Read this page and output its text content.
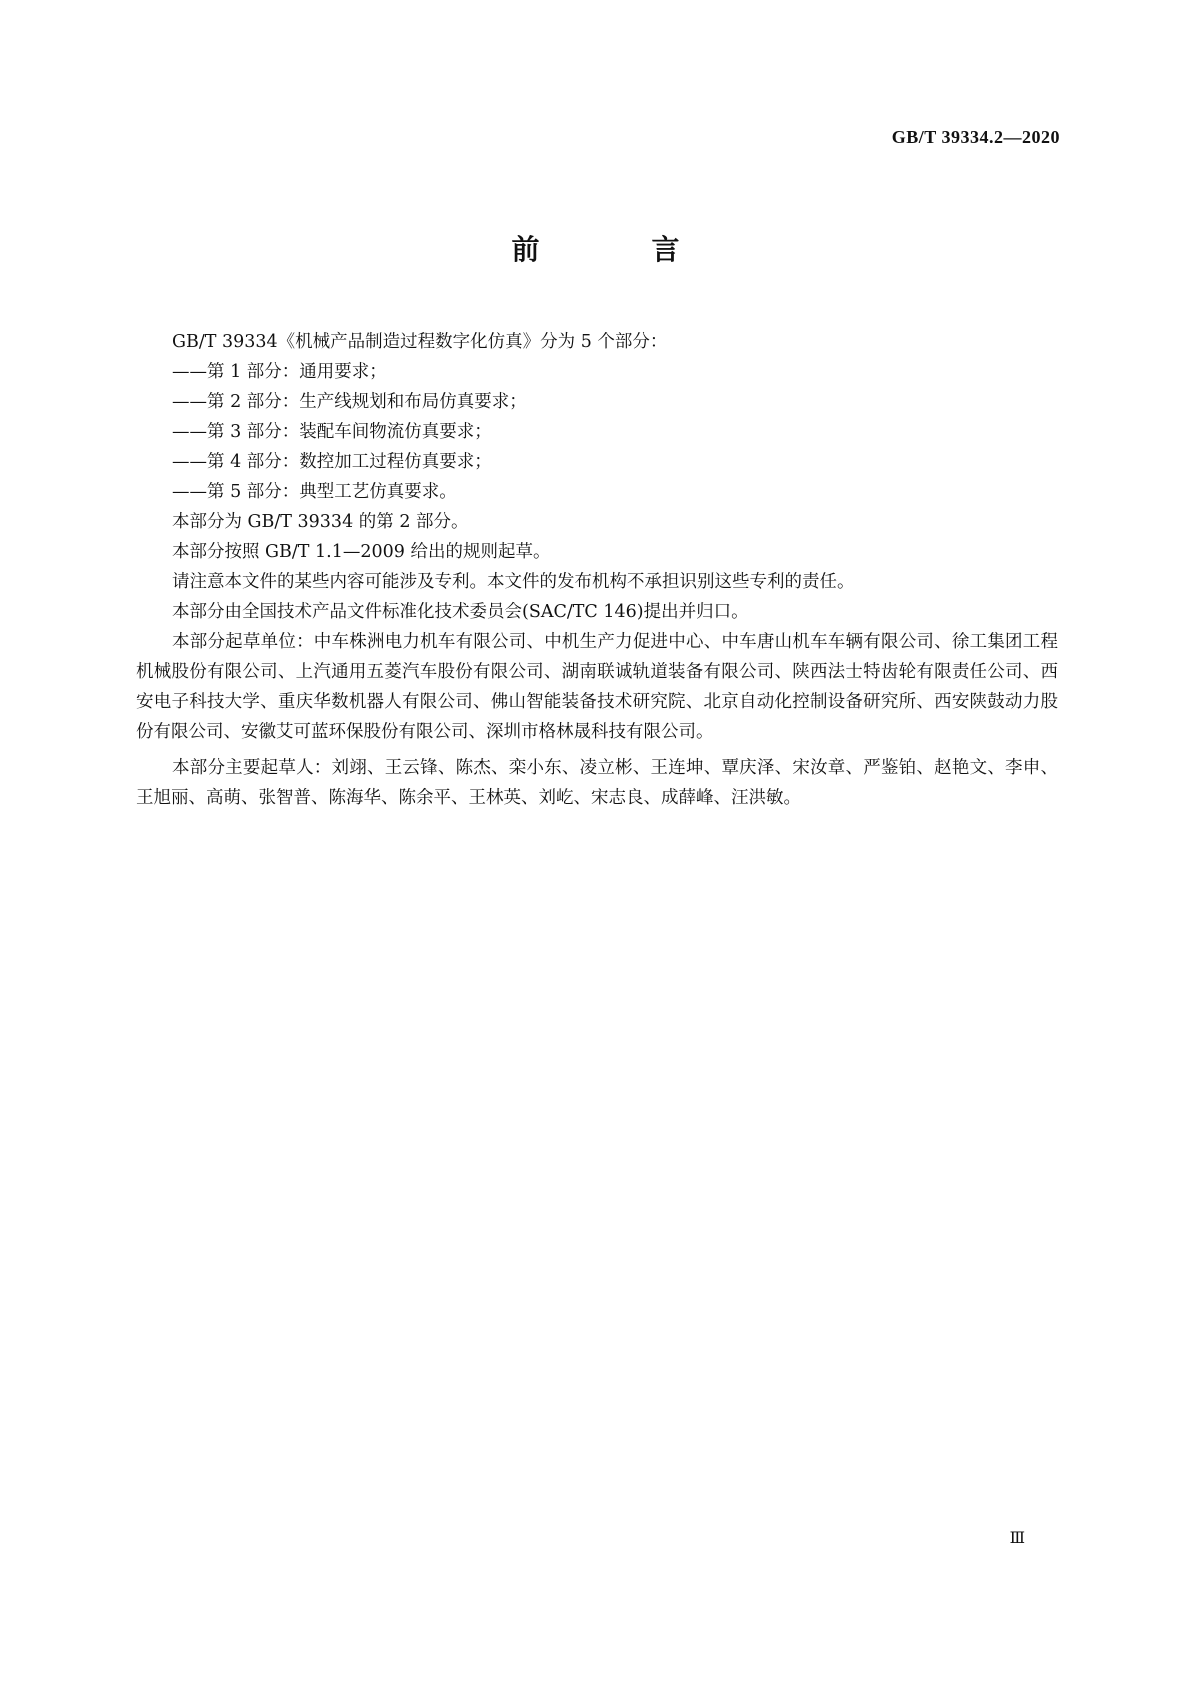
GB/T 39334.2—2020
前　言

GB/T 39334《机械产品制造过程数字化仿真》分为 5 个部分：

——第 1 部分：通用要求；

——第 2 部分：生产线规划和布局仿真要求；

——第 3 部分：装配车间物流仿真要求；

——第 4 部分：数控加工过程仿真要求；

——第 5 部分：典型工艺仿真要求。

本部分为 GB/T 39334 的第 2 部分。

本部分按照 GB/T 1.1—2009 给出的规则起草。

请注意本文件的某些内容可能涉及专利。本文件的发布机构不承担识别这些专利的责任。

本部分由全国技术产品文件标准化技术委员会(SAC/TC 146)提出并归口。

本部分起草单位：中车株洲电力机车有限公司、中机生产力促进中心、中车唐山机车车辆有限公司、徐工集团工程机械股份有限公司、上汽通用五菱汽车股份有限公司、湖南联诚轨道装备有限公司、陕西法士特齿轮有限责任公司、西安电子科技大学、重庆华数机器人有限公司、佛山智能装备技术研究院、北京自动化控制设备研究所、西安陕鼓动力股份有限公司、安徽艾可蓝环保股份有限公司、深圳市格林晟科技有限公司。

本部分主要起草人：刘翊、王云锋、陈杰、栾小东、凌立彬、王连坤、覃庆泽、宋汝章、严鉴铂、赵艳文、李申、王旭丽、高萌、张智普、陈海华、陈余平、王林英、刘屹、宋志良、成薛峰、汪洪敏。

Ⅲ
